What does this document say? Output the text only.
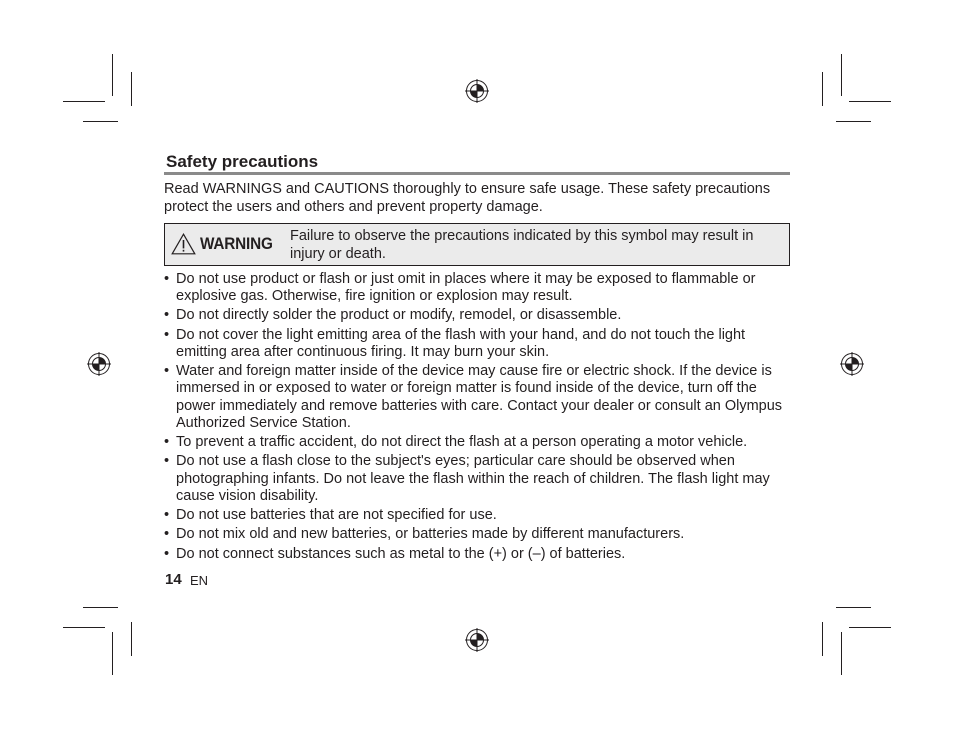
Safety precautions

Read WARNINGS and CAUTIONS thoroughly to ensure safe usage. These safety precautions protect the users and others and prevent property damage.

WARNING Failure to observe the precautions indicated by this symbol may result in injury or death.

• Do not use product or flash or just omit in places where it may be exposed to flammable or explosive gas. Otherwise, fire ignition or explosion may result.
• Do not directly solder the product or modify, remodel, or disassemble.
• Do not cover the light emitting area of the flash with your hand, and do not touch the light emitting area after continuous firing. It may burn your skin.
• Water and foreign matter inside of the device may cause fire or electric shock. If the device is immersed in or exposed to water or foreign matter is found inside of the device, turn off the power immediately and remove batteries with care. Contact your dealer or consult an Olympus Authorized Service Station.
• To prevent a traffic accident, do not direct the flash at a person operating a motor vehicle.
• Do not use a flash close to the subject's eyes; particular care should be observed when photographing infants. Do not leave the flash within the reach of children. The flash light may cause vision disability.
• Do not use batteries that are not specified for use.
• Do not mix old and new batteries, or batteries made by different manufacturers.
• Do not connect substances such as metal to the (+) or (–) of batteries.
14 EN
